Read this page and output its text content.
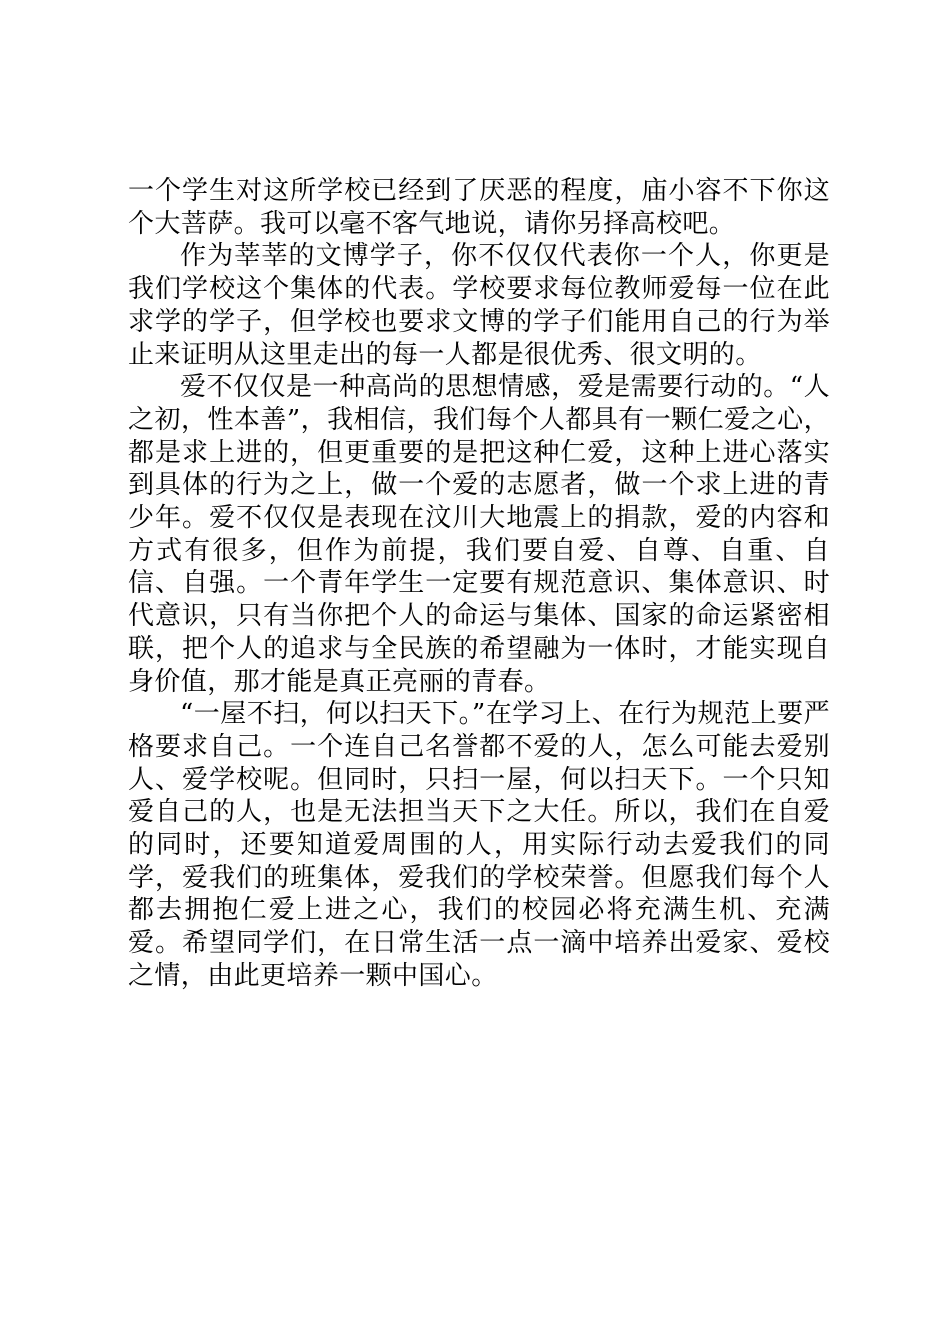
一个学生对这所学校已经到了厌恶的程度，庙小容不下你这个大菩萨。我可以毫不客气地说，请你另择高校吧。

作为莘莘的文博学子，你不仅仅代表你一个人，你更是我们学校这个集体的代表。学校要求每位教师爱每一位在此求学的学子，但学校也要求文博的学子们能用自己的行为举止来证明从这里走出的每一人都是很优秀、很文明的。

爱不仅仅是一种高尚的思想情感，爱是需要行动的。“人之初，性本善”，我相信，我们每个人都具有一颗仁爱之心，都是求上进的，但更重要的是把这种仁爱，这种上进心落实到具体的行为之上，做一个爱的志愿者，做一个求上进的青少年。爱不仅仅是表现在汶川大地震上的捐款，爱的内容和方式有很多，但作为前提，我们要自爱、自尊、自重、自信、自强。一个青年学生一定要有规范意识、集体意识、时代意识，只有当你把个人的命运与集体、国家的命运紧密相联，把个人的追求与全民族的希望融为一体时，才能实现自身价值，那才能是真正亮丽的青春。

“一屋不扫，何以扫天下。”在学习上、在行为规范上要严格要求自己。一个连自己名誉都不爱的人，怎么可能去爱别人、爱学校呢。但同时，只扫一屋，何以扫天下。一个只知爱自己的人，也是无法担当天下之大任。所以，我们在自爱的同时，还要知道爱周围的人，用实际行动去爱我们的同学，爱我们的班集体，爱我们的学校荣誉。但愿我们每个人都去拥抱仁爱上进之心，我们的校园必将充满生机、充满爱。希望同学们，在日常生活一点一滴中培养出爱家、爱校之情，由此更培养一颗中国心。
